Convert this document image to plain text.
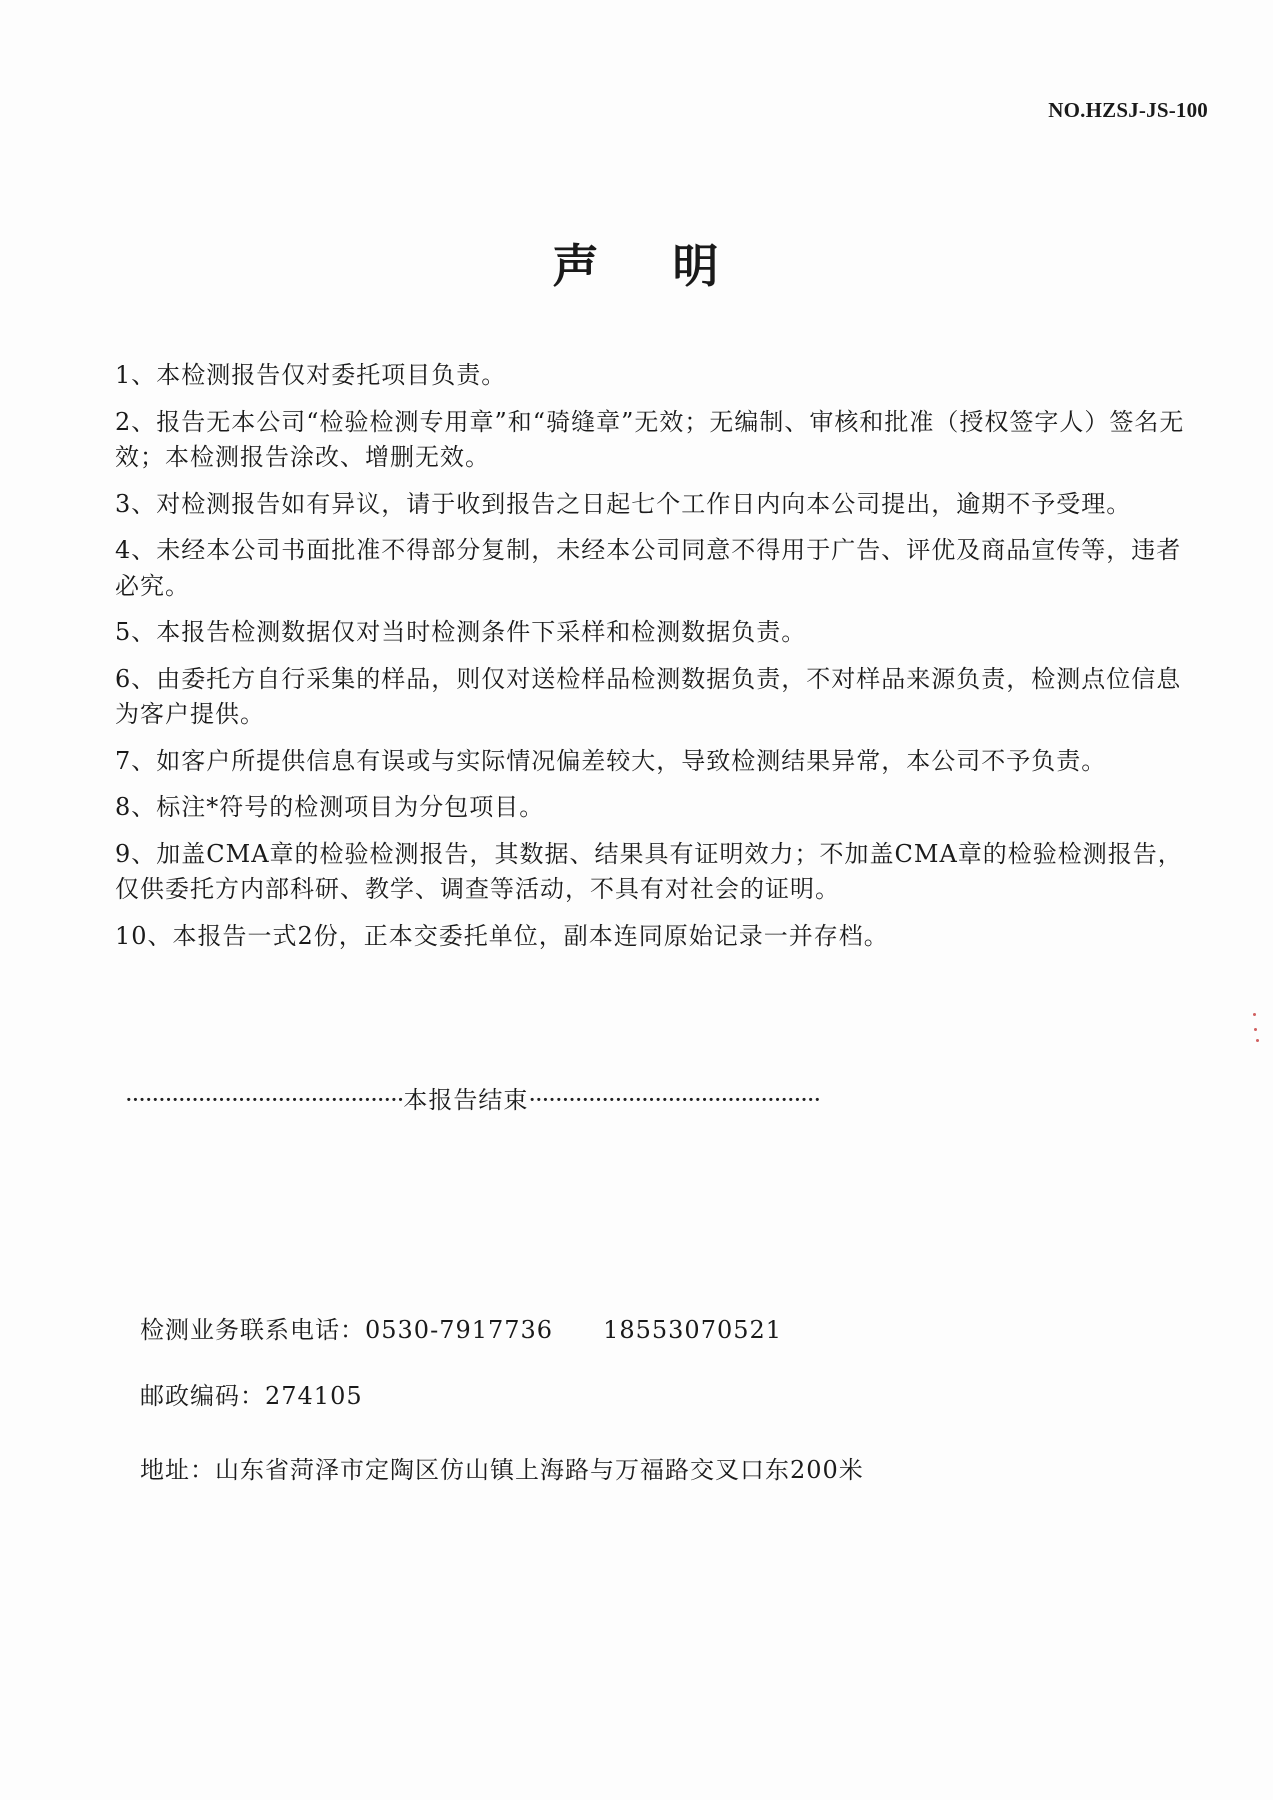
NO.HZSJ-JS-100
声 明

1、本检测报告仅对委托项目负责。

2、报告无本公司“检验检测专用章”和“骑缝章”无效；无编制、审核和批准（授权签字人）签名无效；本检测报告涂改、增删无效。

3、对检测报告如有异议，请于收到报告之日起七个工作日内向本公司提出，逾期不予受理。

4、未经本公司书面批准不得部分复制，未经本公司同意不得用于广告、评优及商品宣传等，违者必究。

5、本报告检测数据仅对当时检测条件下采样和检测数据负责。

6、由委托方自行采集的样品，则仅对送检样品检测数据负责，不对样品来源负责，检测点位信息为客户提供。

7、如客户所提供信息有误或与实际情况偏差较大，导致检测结果异常，本公司不予负责。

8、标注*符号的检测项目为分包项目。

9、加盖CMA章的检验检测报告，其数据、结果具有证明效力；不加盖CMA章的检验检测报告，仅供委托方内部科研、教学、调查等活动，不具有对社会的证明。

10、本报告一式2份，正本交委托单位，副本连同原始记录一并存档。

··········································本报告结束············································
检测业务联系电话：0530-7917736 18553070521
邮政编码：274105
地址：山东省菏泽市定陶区仿山镇上海路与万福路交叉口东200米
